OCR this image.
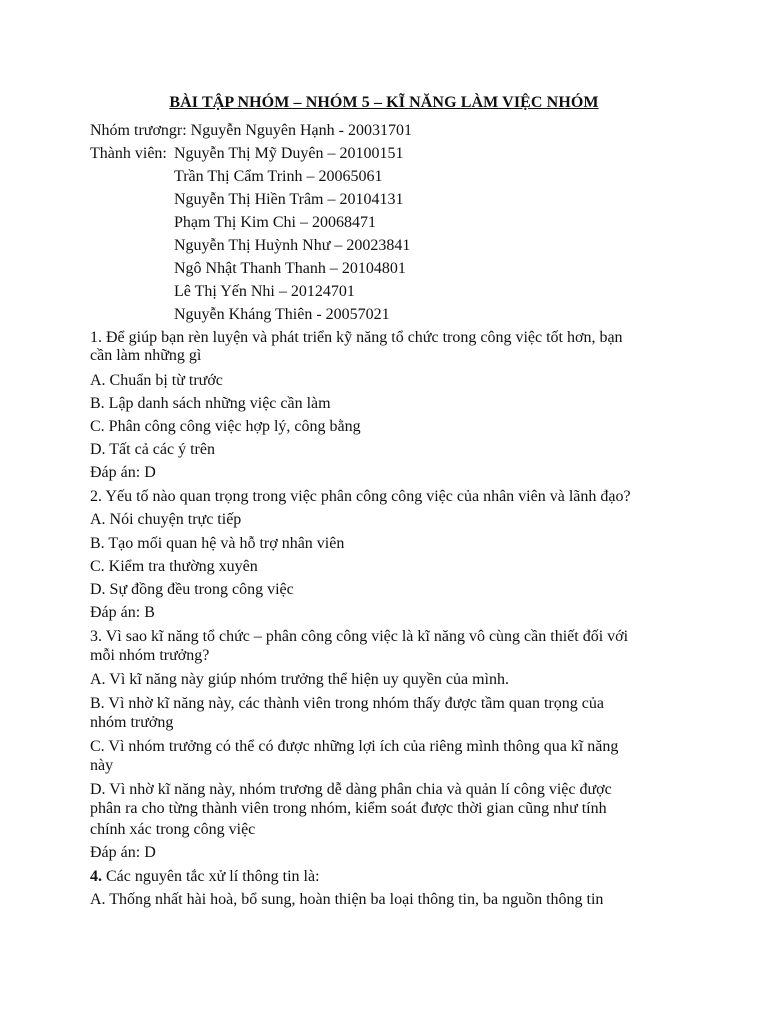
BÀI TẬP NHÓM – NHÓM 5 – KĨ NĂNG LÀM VIỆC NHÓM
Nhóm trươngr: Nguyễn Nguyên Hạnh - 20031701
Thành viên: Nguyễn Thị Mỹ Duyên – 20100151
Trần Thị Cẩm Trinh – 20065061
Nguyễn Thị Hiền Trâm – 20104131
Phạm Thị Kim Chi – 20068471
Nguyễn Thị Huỳnh Như – 20023841
Ngô Nhật Thanh Thanh – 20104801
Lê Thị Yến Nhi – 20124701
Nguyễn Kháng Thiên - 20057021
1. Để giúp bạn rèn luyện và phát triển kỹ năng tổ chức trong công việc tốt hơn, bạn
cần làm những gì
A. Chuẩn bị từ trước
B. Lập danh sách những việc cần làm
C. Phân công công việc hợp lý, công bằng
D. Tất cả các ý trên
Đáp án: D
2. Yếu tố nào quan trọng trong việc phân công công việc của nhân viên và lãnh đạo?
A. Nói chuyện trực tiếp
B. Tạo mối quan hệ và hỗ trợ nhân viên
C. Kiểm tra thường xuyên
D. Sự đồng đều trong công việc
Đáp án: B
3. Vì sao kĩ năng tổ chức – phân công công việc là kĩ năng vô cùng cần thiết đối với
mỗi nhóm trưởng?
A. Vì kĩ năng này giúp nhóm trưởng thể hiện uy quyền của mình.
B. Vì nhờ kĩ năng này, các thành viên trong nhóm thấy được tầm quan trọng của
nhóm trưởng
C. Vì nhóm trưởng có thể có được những lợi ích của riêng mình thông qua kĩ năng
này
D. Vì nhờ kĩ năng này, nhóm trương dễ dàng phân chia và quản lí công việc được
phân ra cho từng thành viên trong nhóm, kiểm soát được thời gian cũng như tính
chính xác trong công việc
Đáp án: D
4. Các nguyên tắc xử lí thông tin là:
A. Thống nhất hài hoà, bổ sung, hoàn thiện ba loại thông tin, ba nguồn thông tin
